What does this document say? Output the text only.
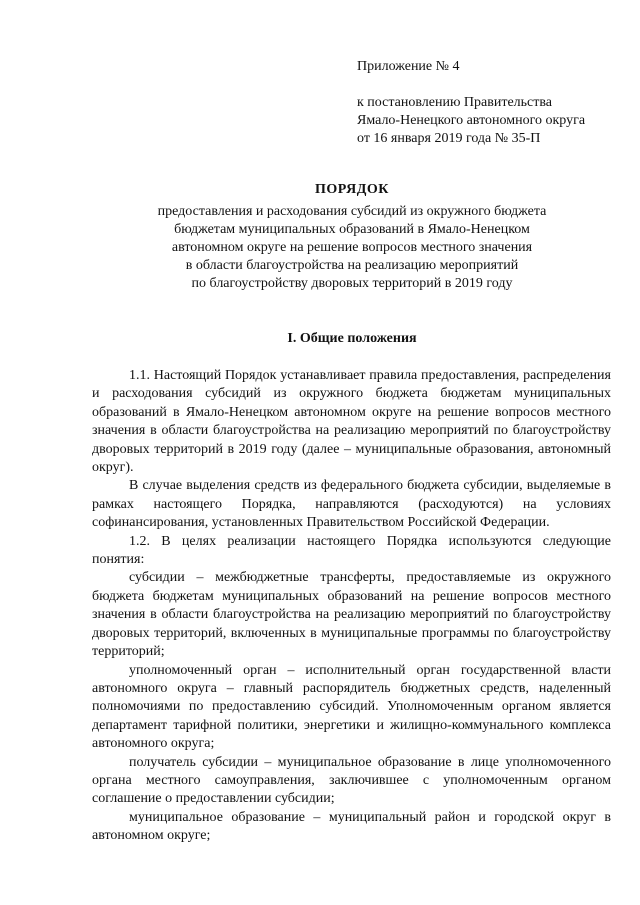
Приложение № 4
к постановлению Правительства
Ямало-Ненецкого автономного округа
от 16 января 2019 года № 35-П
ПОРЯДОК
предоставления и расходования субсидий из окружного бюджета
бюджетам муниципальных образований в Ямало-Ненецком
автономном округе на решение вопросов местного значения
в области благоустройства на реализацию мероприятий
по благоустройству дворовых территорий в 2019 году
I. Общие положения

1.1. Настоящий Порядок устанавливает правила предоставления, распределения и расходования субсидий из окружного бюджета бюджетам муниципальных образований в Ямало-Ненецком автономном округе на решение вопросов местного значения в области благоустройства на реализацию мероприятий по благоустройству дворовых территорий в 2019 году (далее – муниципальные образования, автономный округ).

В случае выделения средств из федерального бюджета субсидии, выделяемые в рамках настоящего Порядка, направляются (расходуются) на условиях софинансирования, установленных Правительством Российской Федерации.

1.2. В целях реализации настоящего Порядка используются следующие понятия:

субсидии – межбюджетные трансферты, предоставляемые из окружного бюджета бюджетам муниципальных образований на решение вопросов местного значения в области благоустройства на реализацию мероприятий по благоустройству дворовых территорий, включенных в муниципальные программы по благоустройству территорий;

уполномоченный орган – исполнительный орган государственной власти автономного округа – главный распорядитель бюджетных средств, наделенный полномочиями по предоставлению субсидий. Уполномоченным органом является департамент тарифной политики, энергетики и жилищно-коммунального комплекса автономного округа;

получатель субсидии – муниципальное образование в лице уполномоченного органа местного самоуправления, заключившее с уполномоченным органом соглашение о предоставлении субсидии;

муниципальное образование – муниципальный район и городской округ в автономном округе;
